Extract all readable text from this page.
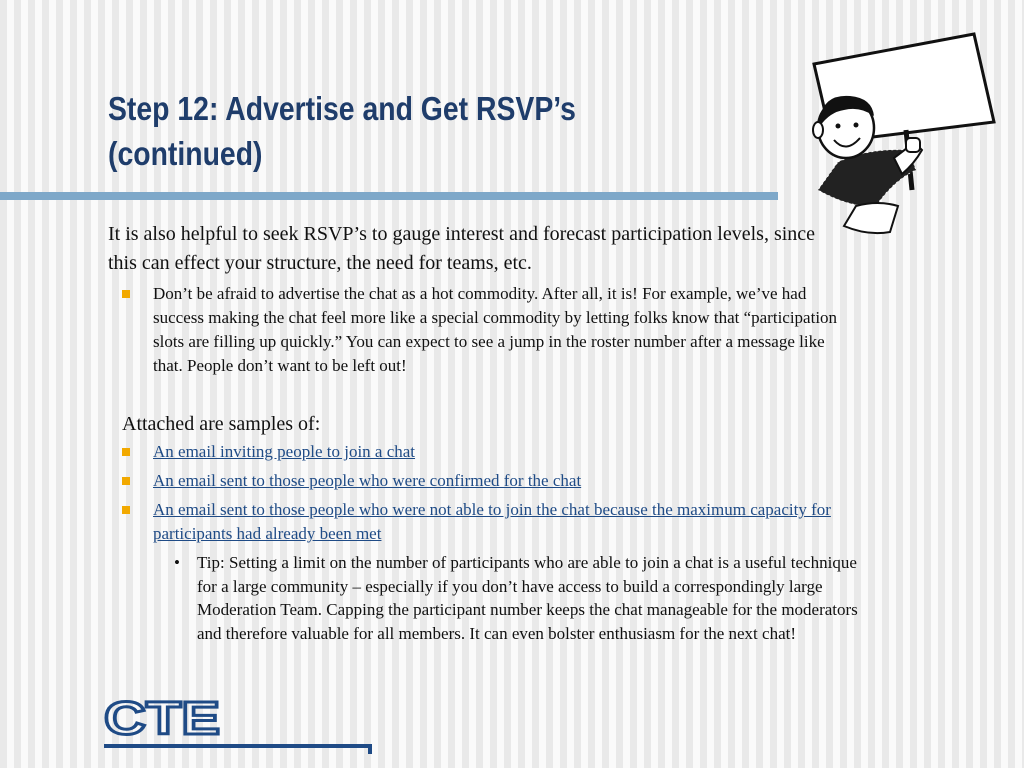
Step 12: Advertise and Get RSVP’s
(continued)

It is also helpful to seek RSVP’s to gauge interest and forecast participation levels, since this can effect your structure, the need for teams, etc.

Don’t be afraid to advertise the chat as a hot commodity. After all, it is! For example, we’ve had success making the chat feel more like a special commodity by letting folks know that “participation slots are filling up quickly.” You can expect to see a jump in the roster number after a message like that. People don’t want to be left out!
Attached are samples of:
An email inviting people to join a chat
An email sent to those people who were confirmed for the chat
An email sent to those people who were not able to join the chat because the maximum capacity for participants had already been met
• Tip: Setting a limit on the number of participants who are able to join a chat is a useful technique for a large community – especially if you don’t have access to build a correspondingly large Moderation Team. Capping the participant number keeps the chat manageable for the moderators and therefore valuable for all members. It can even bolster enthusiasm for the next chat!
CTE
